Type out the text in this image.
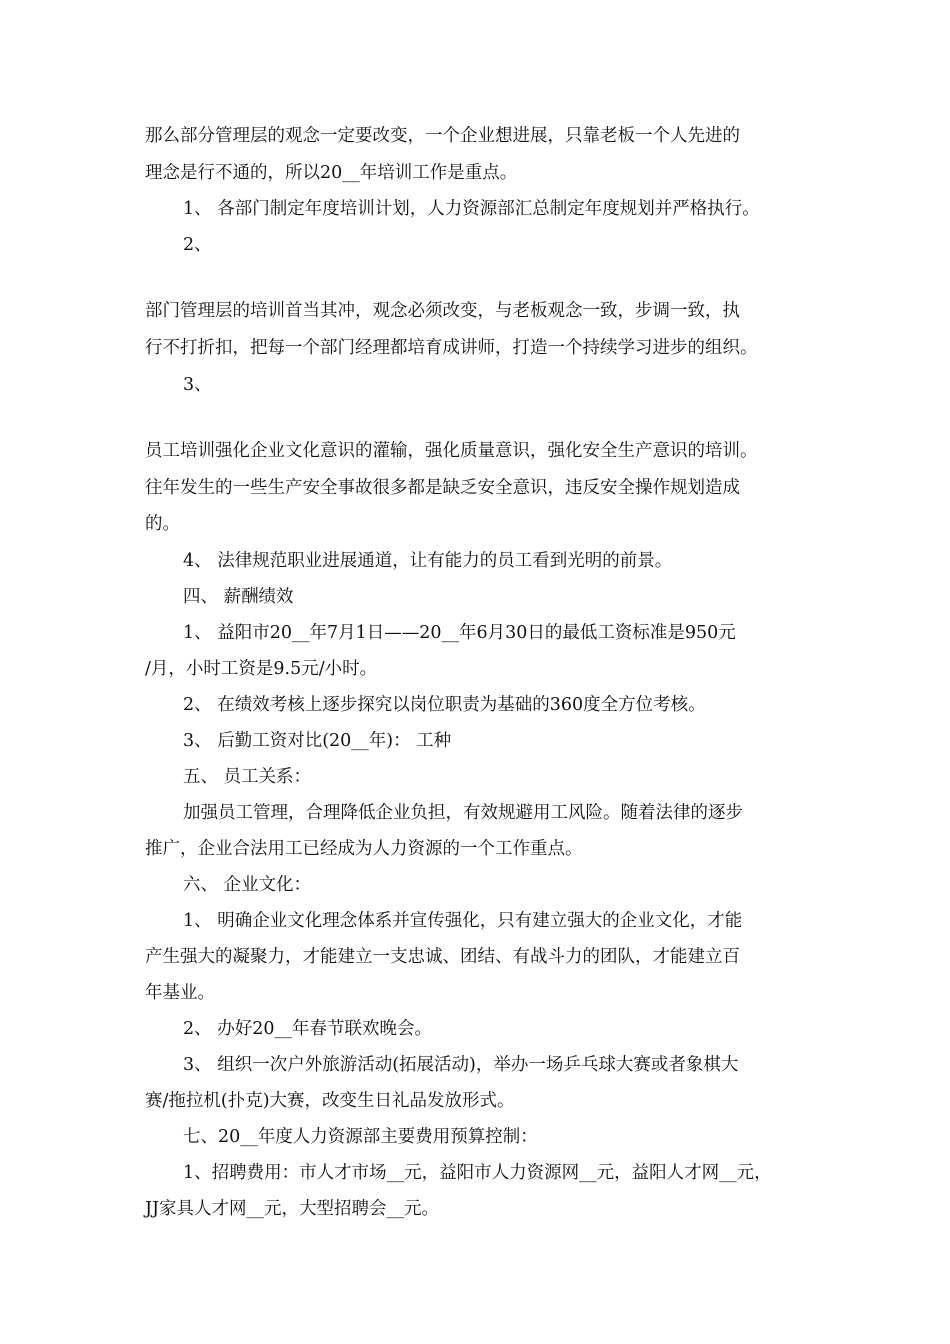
那么部分管理层的观念一定要改变，一个企业想进展，只靠老板一个人先进的

理念是行不通的，所以20__年培训工作是重点。

1、 各部门制定年度培训计划，人力资源部汇总制定年度规划并严格执行。

2、

部门管理层的培训首当其冲，观念必须改变，与老板观念一致，步调一致，执

行不打折扣，把每一个部门经理都培育成讲师，打造一个持续学习进步的组织。

3、

员工培训强化企业文化意识的灌输，强化质量意识，强化安全生产意识的培训。

往年发生的一些生产安全事故很多都是缺乏安全意识，违反安全操作规划造成

的。

4、 法律规范职业进展通道，让有能力的员工看到光明的前景。

四、 薪酬绩效

1、 益阳市20__年7月1日——20__年6月30日的最低工资标准是950元

/月，小时工资是9.5元/小时。

2、 在绩效考核上逐步探究以岗位职责为基础的360度全方位考核。

3、 后勤工资对比(20__年)： 工种

五、 员工关系：

加强员工管理，合理降低企业负担，有效规避用工风险。随着法律的逐步

推广，企业合法用工已经成为人力资源的一个工作重点。

六、 企业文化：

1、 明确企业文化理念体系并宣传强化，只有建立强大的企业文化，才能

产生强大的凝聚力，才能建立一支忠诚、团结、有战斗力的团队，才能建立百

年基业。

2、 办好20__年春节联欢晚会。

3、 组织一次户外旅游活动(拓展活动)，举办一场乒乓球大赛或者象棋大

赛/拖拉机(扑克)大赛，改变生日礼品发放形式。

七、20__年度人力资源部主要费用预算控制：

1、招聘费用：市人才市场__元，益阳市人力资源网__元，益阳人才网__元，

JJ家具人才网__元，大型招聘会__元。
